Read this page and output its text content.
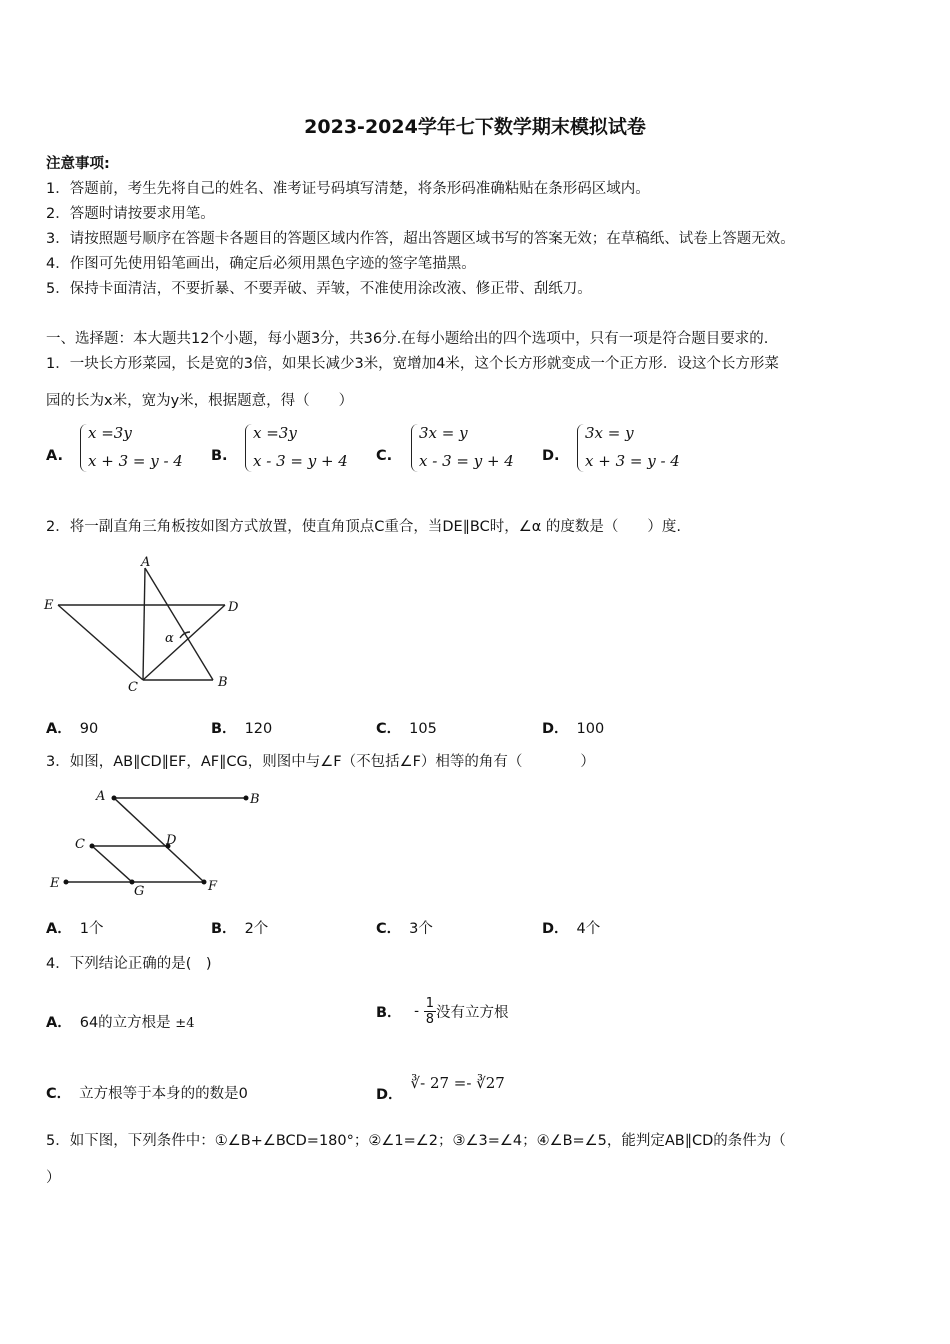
2023-2024学年七下数学期末模拟试卷
注意事项:
1．答题前，考生先将自己的姓名、准考证号码填写清楚，将条形码准确粘贴在条形码区域内。
2．答题时请按要求用笔。
3．请按照题号顺序在答题卡各题目的答题区域内作答，超出答题区域书写的答案无效；在草稿纸、试卷上答题无效。
4．作图可先使用铅笔画出，确定后必须用黑色字迹的签字笔描黑。
5．保持卡面清洁，不要折暴、不要弄破、弄皱，不准使用涂改液、修正带、刮纸刀。
一、选择题：本大题共12个小题，每小题3分，共36分.在每小题给出的四个选项中，只有一项是符合题目要求的.
1．一块长方形菜园，长是宽的3倍，如果长减少3米，宽增加4米，这个长方形就变成一个正方形．设这个长方形菜
园的长为x米，宽为y米，根据题意，得（　　）
A.
x =3y
x + 3 = y - 4 B.
x =3y
x - 3 = y + 4 C.
3x = y
x - 3 = y + 4 D.
3x = y
x + 3 = y - 4
2．将一副直角三角板按如图方式放置，使直角顶点C重合，当DE∥BC时，∠α 的度数是（　　）度.
A
E	D
α
C	B
A． 90	B． 120	C． 105	D． 100
3．如图，AB∥CD∥EF，AF∥CG，则图中与∠F（不包括∠F）相等的角有（　　　　）
A	B
C	D
E
G	F
A． 1个	B． 2个	C． 3个	D． 4个
4．下列结论正确的是(　)
A． 64的立方根是 ±4
B． - $\frac{1}{8}$ 没有立方根
C． 立方根等于本身的的数是0	D．∛- 27 =- ∛27
5．如下图，下列条件中：①∠B+∠BCD=180°；②∠1=∠2；③∠3=∠4；④∠B=∠5，能判定AB∥CD的条件为（
）
